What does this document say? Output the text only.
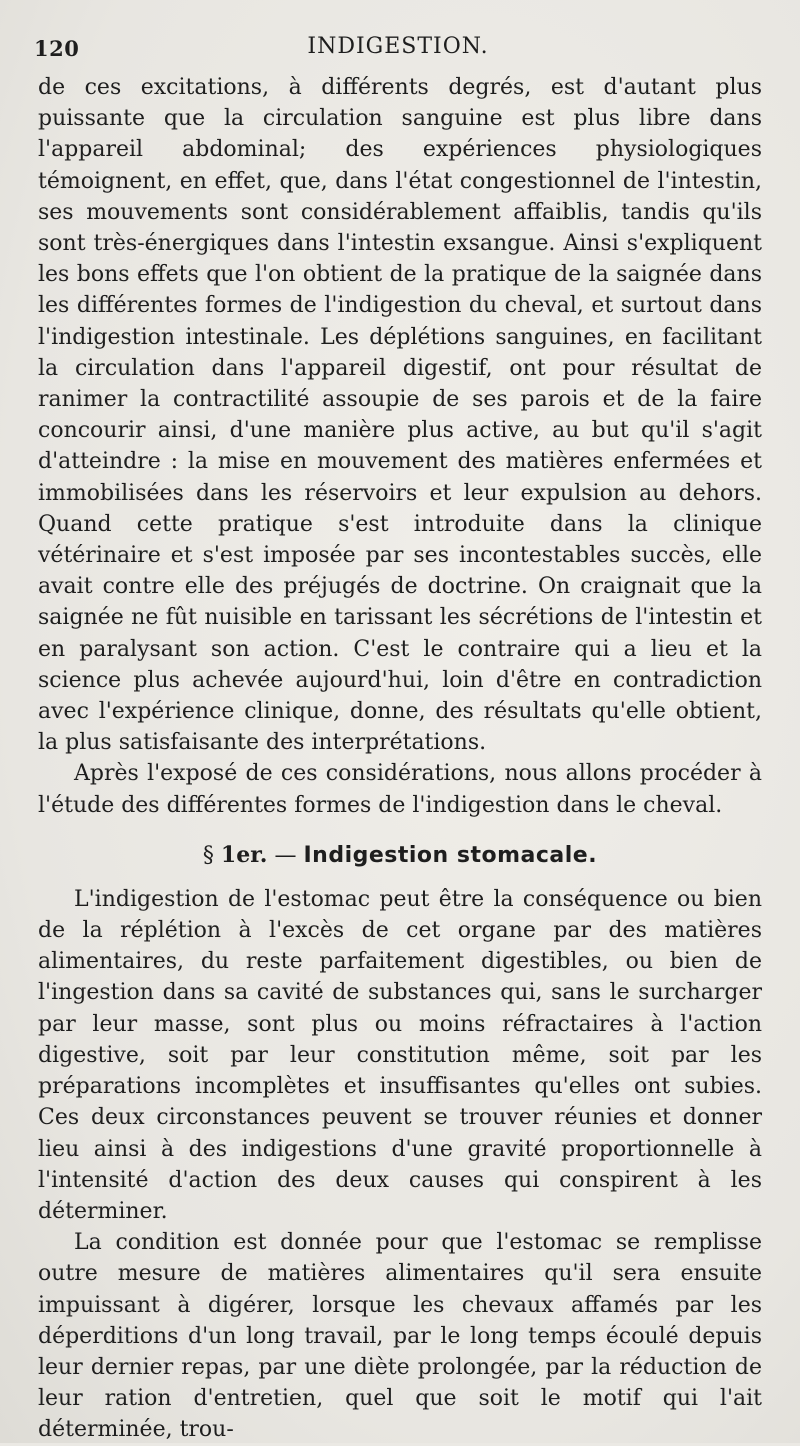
120	INDIGESTION.

de ces excitations, à différents degrés, est d'autant plus puissante que la circulation sanguine est plus libre dans l'appareil abdominal; des expériences physiologiques témoignent, en effet, que, dans l'état congestionnel de l'intestin, ses mouvements sont considérablement affaiblis, tandis qu'ils sont très-énergiques dans l'intestin exsangue. Ainsi s'expliquent les bons effets que l'on obtient de la pratique de la saignée dans les différentes formes de l'indigestion du cheval, et surtout dans l'indigestion intestinale. Les déplétions sanguines, en facilitant la circulation dans l'appareil digestif, ont pour résultat de ranimer la contractilité assoupie de ses parois et de la faire concourir ainsi, d'une manière plus active, au but qu'il s'agit d'atteindre : la mise en mouvement des matières enfermées et immobilisées dans les réservoirs et leur expulsion au dehors. Quand cette pratique s'est introduite dans la clinique vétérinaire et s'est imposée par ses incontestables succès, elle avait contre elle des préjugés de doctrine. On craignait que la saignée ne fût nuisible en tarissant les sécrétions de l'intestin et en paralysant son action. C'est le contraire qui a lieu et la science plus achevée aujourd'hui, loin d'être en contradiction avec l'expérience clinique, donne, des résultats qu'elle obtient, la plus satisfaisante des interprétations.

Après l'exposé de ces considérations, nous allons procéder à l'étude des différentes formes de l'indigestion dans le cheval.

§ 1er. — Indigestion stomacale.

L'indigestion de l'estomac peut être la conséquence ou bien de la réplétion à l'excès de cet organe par des matières alimentaires, du reste parfaitement digestibles, ou bien de l'ingestion dans sa cavité de substances qui, sans le surcharger par leur masse, sont plus ou moins réfractaires à l'action digestive, soit par leur constitution même, soit par les préparations incomplètes et insuffisantes qu'elles ont subies. Ces deux circonstances peuvent se trouver réunies et donner lieu ainsi à des indigestions d'une gravité proportionnelle à l'intensité d'action des deux causes qui conspirent à les déterminer.

La condition est donnée pour que l'estomac se remplisse outre mesure de matières alimentaires qu'il sera ensuite impuissant à digérer, lorsque les chevaux affamés par les déperditions d'un long travail, par le long temps écoulé depuis leur dernier repas, par une diète prolongée, par la réduction de leur ration d'entretien, quel que soit le motif qui l'ait déterminée, trou-
